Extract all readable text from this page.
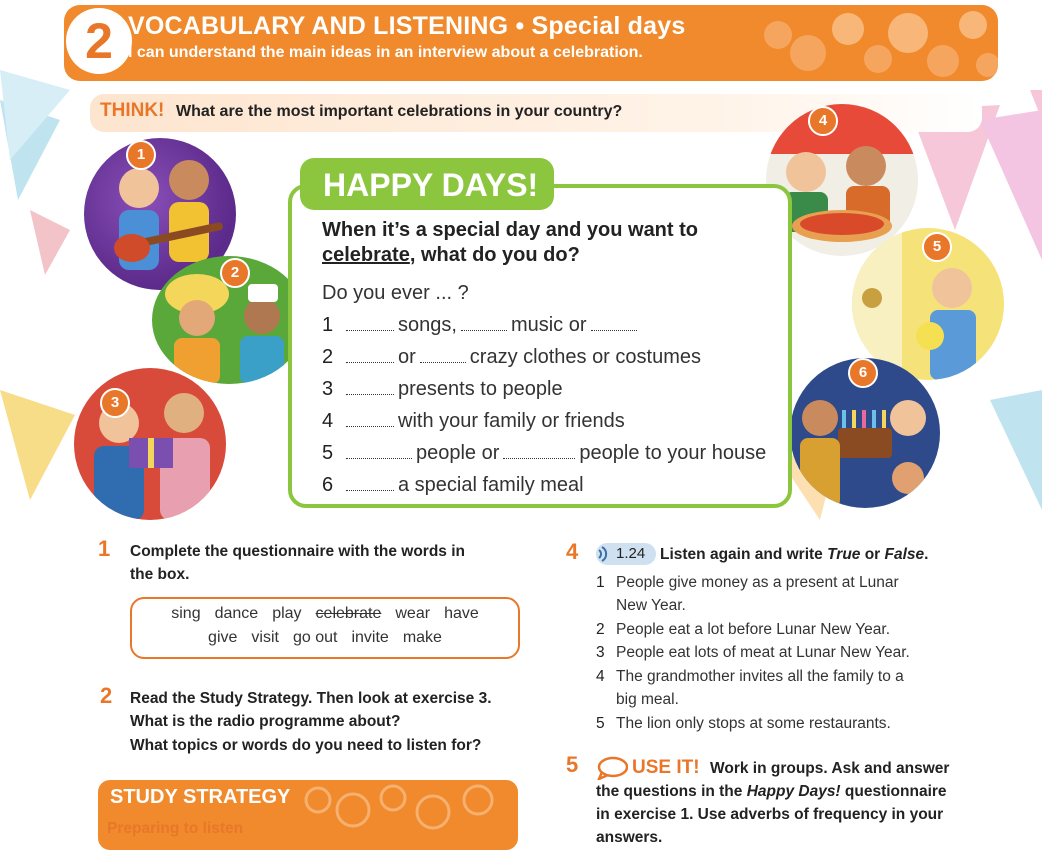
2 VOCABULARY AND LISTENING • Special days
I can understand the main ideas in an interview about a celebration.
THINK! What are the most important celebrations in your country?
1
2
3
4
5
6
HAPPY DAYS!
When it’s a special day and you want to
celebrate, what do you do?
Do you ever ... ?
1	songs,	music or
2	or	crazy clothes or costumes
3	presents to people
4	with your family or friends
5	people or	people to your house
6	a special family meal
1 Complete the questionnaire with the words in
the box.
sing dance play celebrate wear have
give visit go out invite make
2 Read the Study Strategy. Then look at exercise 3.
What is the radio programme about?
What topics or words do you need to listen for?
STUDY STRATEGY
Preparing to listen
4	1.24 Listen again and write True or False.
1 People give money as a present at Lunar
New Year.
2 People eat a lot before Lunar New Year.
3 People eat lots of meat at Lunar New Year.
4 The grandmother invites all the family to a
big meal.
5 The lion only stops at some restaurants.
5	USE IT! Work in groups. Ask and answer
the questions in the Happy Days! questionnaire
in exercise 1. Use adverbs of frequency in your
answers.
